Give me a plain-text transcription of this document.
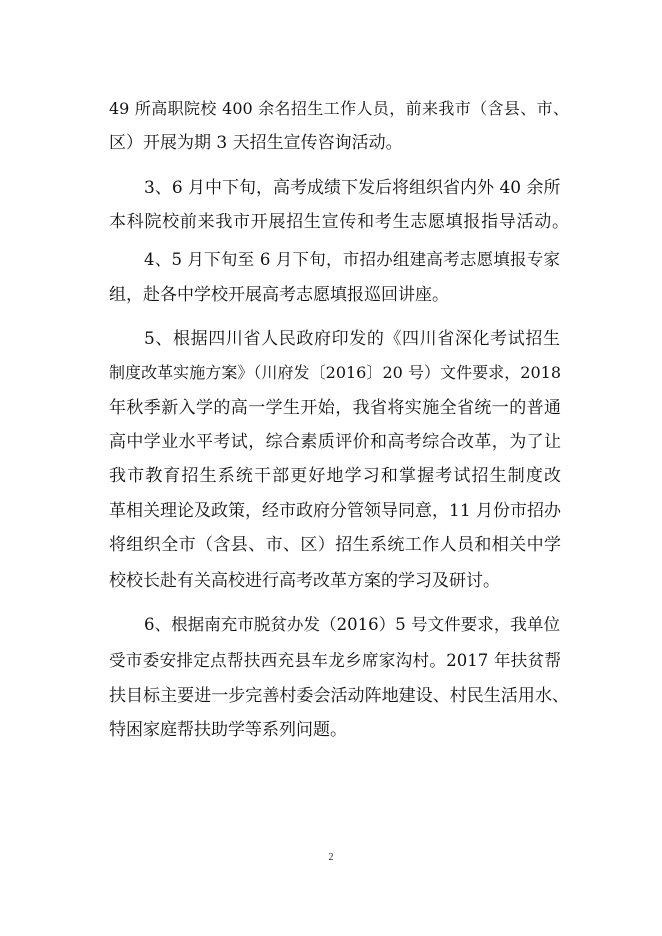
49 所高职院校 400 余名招生工作人员，前来我市（含县、市、
区）开展为期 3 天招生宣传咨询活动。
3、6 月中下旬，高考成绩下发后将组织省内外 40 余所
本科院校前来我市开展招生宣传和考生志愿填报指导活动。
4、5 月下旬至 6 月下旬，市招办组建高考志愿填报专家
组，赴各中学校开展高考志愿填报巡回讲座。
5、根据四川省人民政府印发的《四川省深化考试招生
制度改革实施方案》（川府发〔2016〕20 号）文件要求，2018
年秋季新入学的高一学生开始，我省将实施全省统一的普通
高中学业水平考试，综合素质评价和高考综合改革，为了让
我市教育招生系统干部更好地学习和掌握考试招生制度改
革相关理论及政策，经市政府分管领导同意，11 月份市招办
将组织全市（含县、市、区）招生系统工作人员和相关中学
校校长赴有关高校进行高考改革方案的学习及研讨。
6、根据南充市脱贫办发（2016）5 号文件要求，我单位
受市委安排定点帮扶西充县车龙乡席家沟村。2017 年扶贫帮
扶目标主要进一步完善村委会活动阵地建设、村民生活用水、
特困家庭帮扶助学等系列问题。
2
